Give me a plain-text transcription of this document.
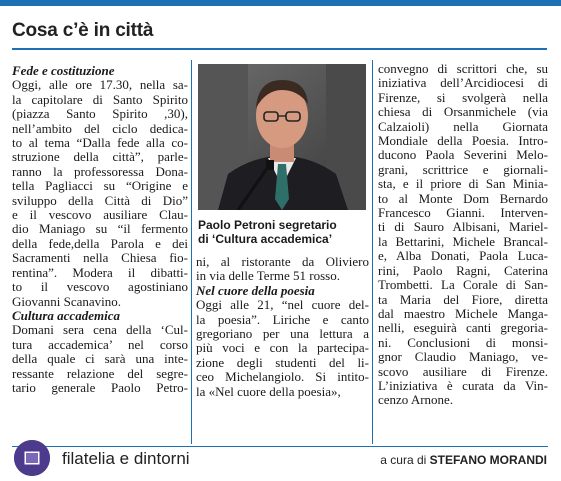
Cosa c’è in città
Fede e costituzione
Oggi, alle ore 17.30, nella sa-
la capitolare di Santo Spirito
(piazza Santo Spirito ,30),
nell’ambito del ciclo dedica-
to al tema “Dalla fede alla co-
struzione della città”, parle-
ranno la professoressa Dona-
tella Pagliacci su “Origine e
sviluppo della Città di Dio”
e il vescovo ausiliare Clau-
dio Maniago su “il fermento
della fede,della Parola e dei
Sacramenti nella Chiesa fio-
rentina”. Modera il dibatti-
to il vescovo agostiniano
Giovanni Scanavino.
Cultura accademica
Domani sera cena della ‘Cul-
tura accademica’ nel corso
della quale ci sarà una inte-
ressante relazione del segre-
tario generale Paolo Petro-
Paolo Petroni segretario
di ‘Cultura accademica’
ni, al ristorante da Oliviero
in via delle Terme 51 rosso.
Nel cuore della poesia
Oggi alle 21, “nel cuore del-
la poesia”. Liriche e canto
gregoriano per una lettura a
più voci e con la partecipa-
zione degli studenti del li-
ceo Michelangiolo. Si intito-
la «Nel cuore della poesia»,
convegno di scrittori che, su
iniziativa dell’Arcidiocesi di
Firenze, si svolgerà nella
chiesa di Orsanmichele (via
Calzaioli) nella Giornata
Mondiale della Poesia. Intro-
ducono Paola Severini Melo-
grani, scrittrice e giornali-
sta, e il priore di San Minia-
to al Monte Dom Bernardo
Francesco Gianni. Interven-
ti di Sauro Albisani, Mariel-
la Bettarini, Michele Brancal-
e, Alba Donati, Paola Luca-
rini, Paolo Ragni, Caterina
Trombetti. La Corale di San-
ta Maria del Fiore, diretta
dal maestro Michele Manga-
nelli, eseguirà canti gregoria-
ni. Conclusioni di monsi-
gnor Claudio Maniago, ve-
scovo ausiliare di Firenze.
L’iniziativa è curata da Vin-
cenzo Arnone.
filatelia e dintorni	a cura di STEFANO MORANDI
